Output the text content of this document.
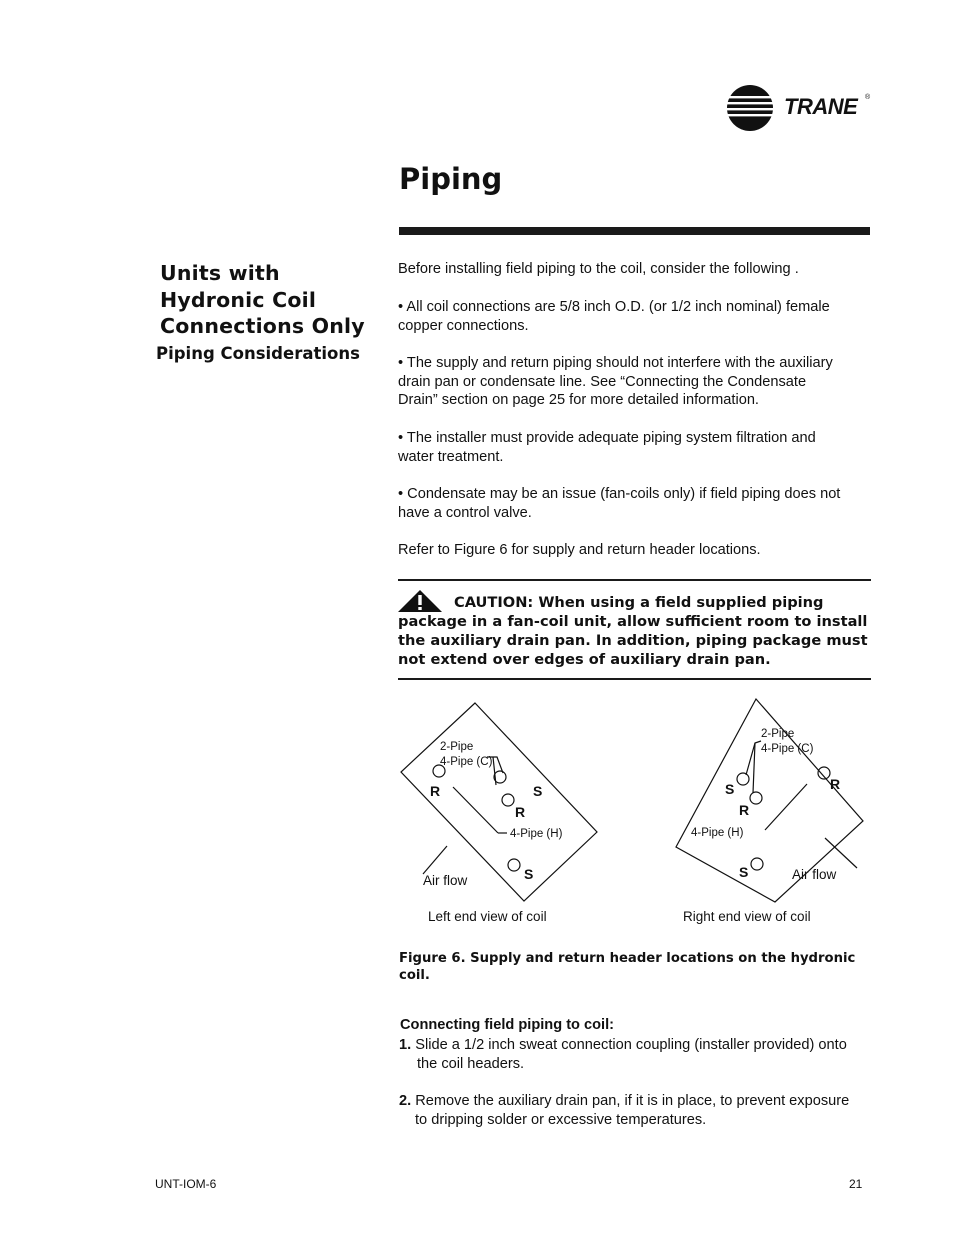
TRANE ®
Piping
Units with
Hydronic Coil
Connections Only
Piping Considerations
Before installing field piping to the coil, consider the following .
• All coil connections are 5/8 inch O.D. (or 1/2 inch nominal) female
copper connections.
• The supply and return piping should not interfere with the auxiliary
drain pan or condensate line. See “Connecting the Condensate
Drain” section on page 25 for more detailed information.
• The installer must provide adequate piping system filtration and
water treatment.
• Condensate may be an issue (fan-coils only) if field piping does not
have a control valve.
Refer to Figure 6 for supply and return header locations.
CAUTION: When using a field supplied piping
package in a fan-coil unit, allow sufficient room to install
the auxiliary drain pan. In addition, piping package must
not extend over edges of auxiliary drain pan.
2-Pipe
4-Pipe (C)
4-Pipe (H)
2-Pipe
4-Pipe (C)
4-Pipe (H)
R	S
R
S
S	R
R
S
Air flow	Air flow
Left end view of coil	Right end view of coil
Figure 6. Supply and return header locations on the hydronic
coil.
Connecting field piping to coil:
1. Slide a 1/2 inch sweat connection coupling (installer provided) onto
the coil headers.
2. Remove the auxiliary drain pan, if it is in place, to prevent exposure
to dripping solder or excessive temperatures.
UNT-IOM-6	21
